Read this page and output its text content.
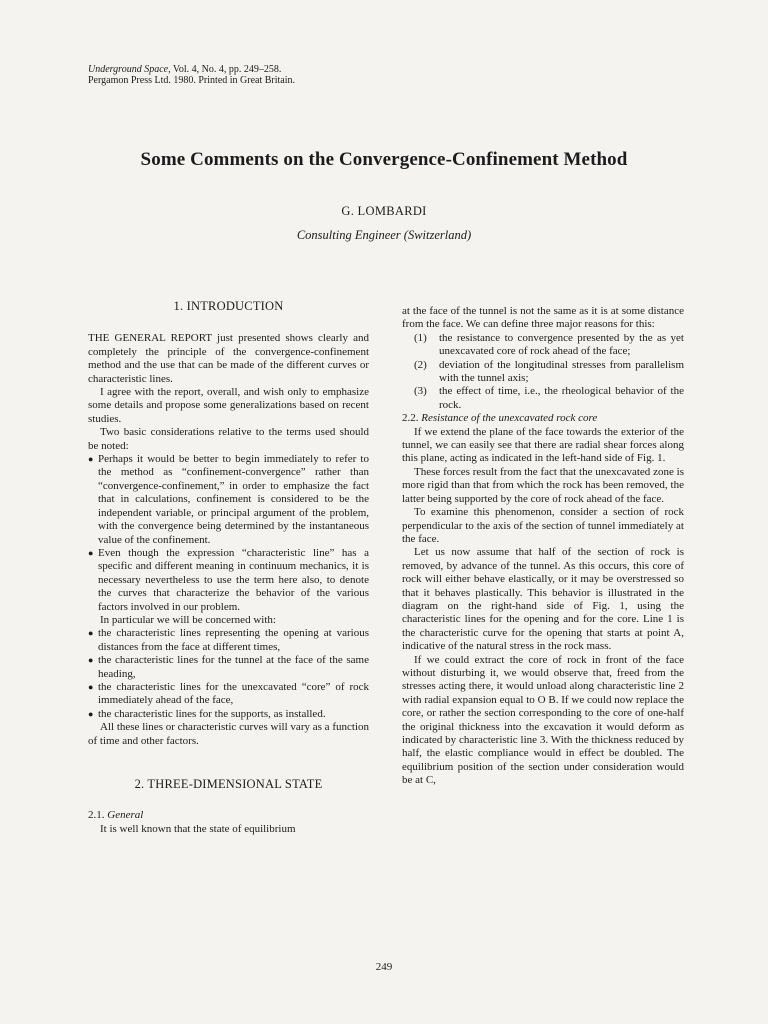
Underground Space, Vol. 4, No. 4, pp. 249–258.
Pergamon Press Ltd. 1980. Printed in Great Britain.
Some Comments on the Convergence-Confinement Method
G. LOMBARDI
Consulting Engineer (Switzerland)
1. INTRODUCTION

THE GENERAL REPORT just presented shows clearly and completely the principle of the convergence-confinement method and the use that can be made of the different curves or characteristic lines.

I agree with the report, overall, and wish only to emphasize some details and propose some generalizations based on recent studies.

Two basic considerations relative to the terms used should be noted:

● Perhaps it would be better to begin immediately to refer to the method as “confinement-convergence” rather than “convergence-confinement,” in order to emphasize the fact that in calculations, confinement is considered to be the independent variable, or principal argument of the problem, with the convergence being determined by the instantaneous value of the confinement.
● Even though the expression “characteristic line” has a specific and different meaning in continuum mechanics, it is necessary nevertheless to use the term here also, to denote the curves that characterize the behavior of the various factors involved in our problem.

In particular we will be concerned with:

● the characteristic lines representing the opening at various distances from the face at different times,
● the characteristic lines for the tunnel at the face of the same heading,
● the characteristic lines for the unexcavated “core” of rock immediately ahead of the face,
● the characteristic lines for the supports, as installed.

All these lines or characteristic curves will vary as a function of time and other factors.

2. THREE-DIMENSIONAL STATE

2.1. General

It is well known that the state of equilibrium

at the face of the tunnel is not the same as it is at some distance from the face. We can define three major reasons for this:

(1) the resistance to convergence presented by the as yet unexcavated core of rock ahead of the face;
(2) deviation of the longitudinal stresses from parallelism with the tunnel axis;
(3) the effect of time, i.e., the rheological behavior of the rock.

2.2. Resistance of the unexcavated rock core

If we extend the plane of the face towards the exterior of the tunnel, we can easily see that there are radial shear forces along this plane, acting as indicated in the left-hand side of Fig. 1.

These forces result from the fact that the unexcavated zone is more rigid than that from which the rock has been removed, the latter being supported by the core of rock ahead of the face.

To examine this phenomenon, consider a section of rock perpendicular to the axis of the section of tunnel immediately at the face.

Let us now assume that half of the section of rock is removed, by advance of the tunnel. As this occurs, this core of rock will either behave elastically, or it may be overstressed so that it behaves plastically. This behavior is illustrated in the diagram on the right-hand side of Fig. 1, using the characteristic lines for the opening and for the core. Line 1 is the characteristic curve for the opening that starts at point A, indicative of the natural stress in the rock mass.

If we could extract the core of rock in front of the face without disturbing it, we would observe that, freed from the stresses acting there, it would unload along characteristic line 2 with radial expansion equal to O B. If we could now replace the core, or rather the section corresponding to the core of one-half the original thickness into the excavation it would deform as indicated by characteristic line 3. With the thickness reduced by half, the elastic compliance would in effect be doubled. The equilibrium position of the section under consideration would be at C,

249
